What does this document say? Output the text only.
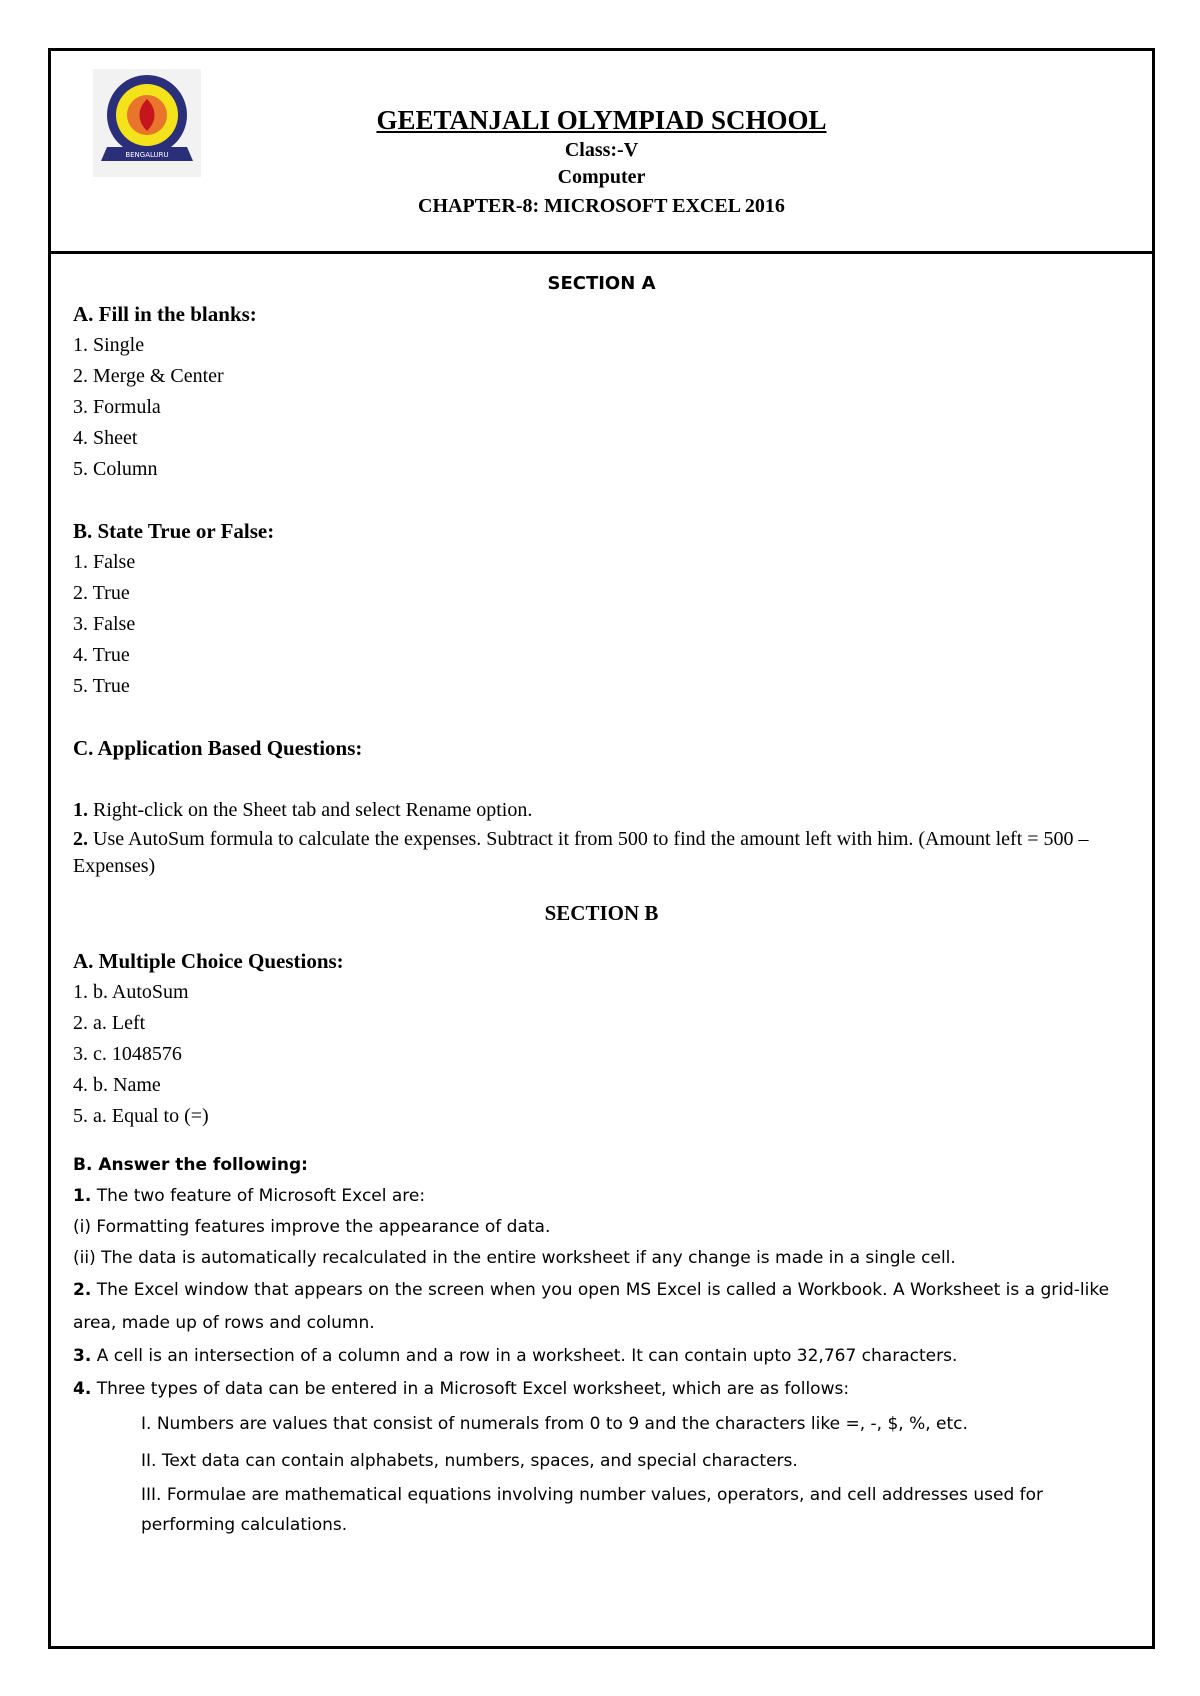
BENGALURU
GEETANJALI OLYMPIAD SCHOOL
Class:-V
Computer
CHAPTER-8: MICROSOFT EXCEL 2016
SECTION A
A. Fill in the blanks:
1. Single
2. Merge & Center
3. Formula
4. Sheet
5. Column
B. State True or False:
1. False
2. True
3. False
4. True
5. True
C. Application Based Questions:
1. Right-click on the Sheet tab and select Rename option.
2. Use AutoSum formula to calculate the expenses. Subtract it from 500 to find the amount left with him. (Amount left = 500 – Expenses)
SECTION B
A. Multiple Choice Questions:
1. b. AutoSum
2. a. Left
3. c. 1048576
4. b. Name
5. a. Equal to (=)
B. Answer the following:
1. The two feature of Microsoft Excel are:
(i) Formatting features improve the appearance of data.
(ii) The data is automatically recalculated in the entire worksheet if any change is made in a single cell.
2. The Excel window that appears on the screen when you open MS Excel is called a Workbook. A Worksheet is a grid-like area, made up of rows and column.
3. A cell is an intersection of a column and a row in a worksheet. It can contain upto 32,767 characters.
4. Three types of data can be entered in a Microsoft Excel worksheet, which are as follows:
I. Numbers are values that consist of numerals from 0 to 9 and the characters like =, -, $, %, etc.
II. Text data can contain alphabets, numbers, spaces, and special characters.
III. Formulae are mathematical equations involving number values, operators, and cell addresses used for performing calculations.
